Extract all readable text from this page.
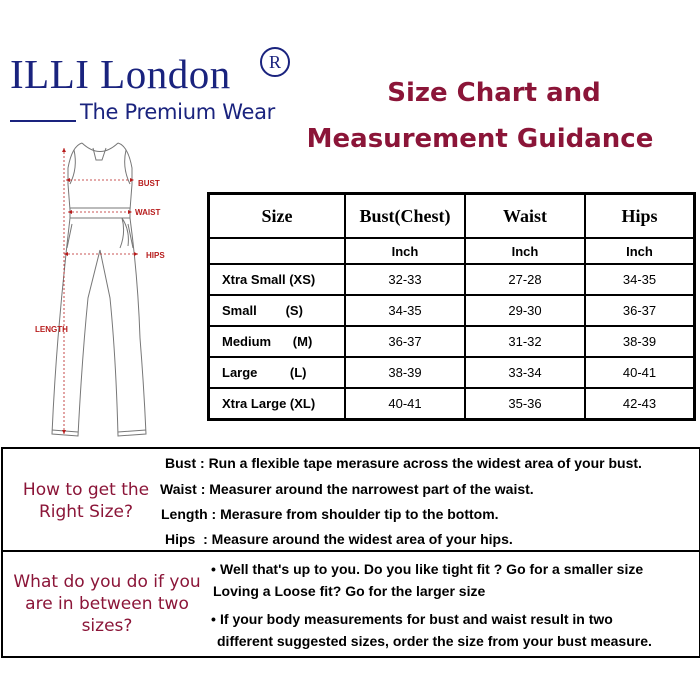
ILLI London	R
The Premium Wear
Size Chart and
Measurement Guidance
BUST
WAIST
HIPS
LENGTH
Size	Bust(Chest)	Waist	Hips
	Inch	Inch	Inch
Xtra Small (XS)	32-33	27-28	34-35
Small        (S)	34-35	29-30	36-37
Medium      (M)	36-37	31-32	38-39
Large         (L)	38-39	33-34	40-41
Xtra Large (XL)	40-41	35-36	42-43
How to get the Right Size?
Bust : Run a flexible tape merasure across the widest area of your bust.
Waist : Measurer around the narrowest part of the waist.
Length : Merasure from shoulder tip to the bottom.
Hips  : Measure around the widest area of your hips.
What do you do if you are in between two sizes?
• Well that's up to you. Do you like tight fit ? Go for a smaller size
Loving a Loose fit? Go for the larger size
• If your body measurements for bust and waist result in two
different suggested sizes, order the size from your bust measure.
